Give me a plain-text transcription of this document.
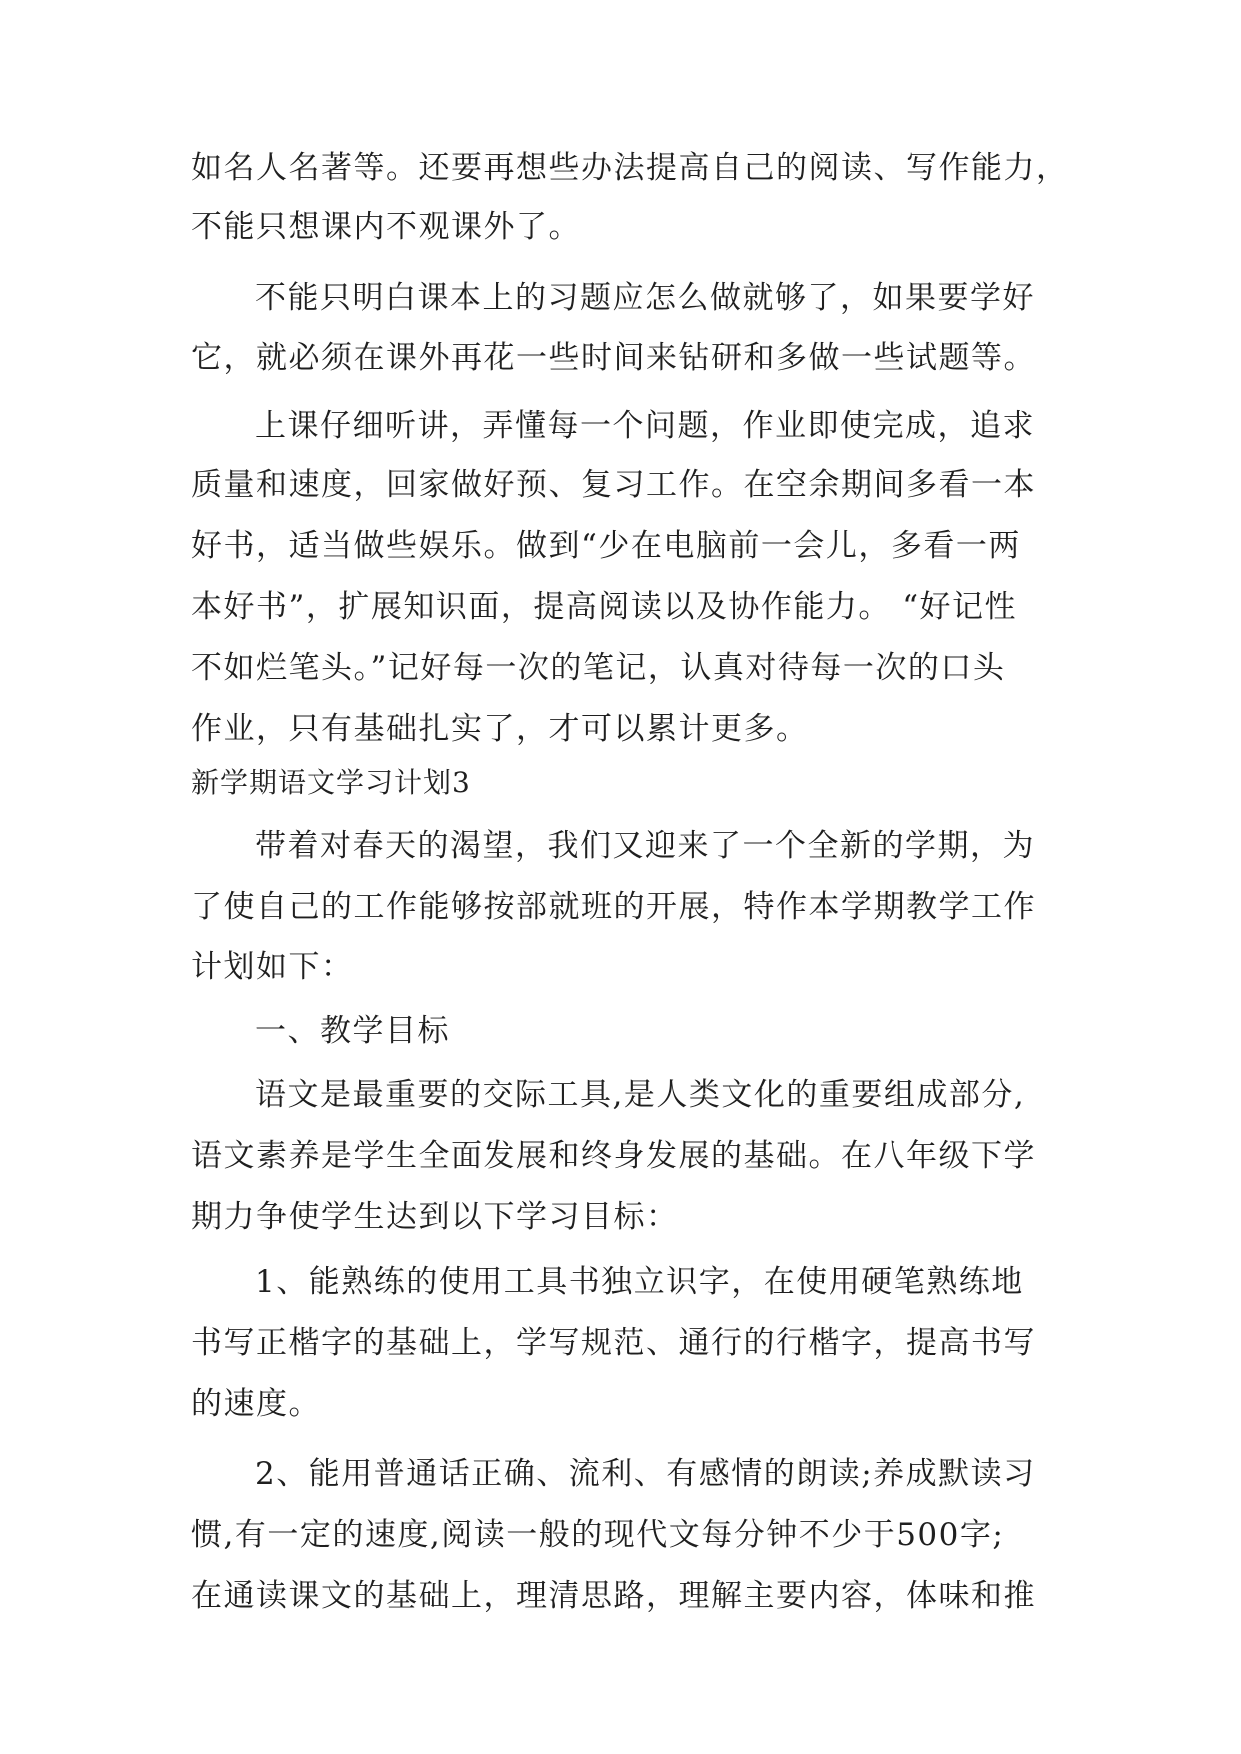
如名人名著等。还要再想些办法提高自己的阅读、写作能力，
不能只想课内不观课外了。
不能只明白课本上的习题应怎么做就够了，如果要学好
它，就必须在课外再花一些时间来钻研和多做一些试题等。
上课仔细听讲，弄懂每一个问题，作业即使完成，追求
质量和速度，回家做好预、复习工作。在空余期间多看一本
好书，适当做些娱乐。做到“少在电脑前一会儿，多看一两
本好书”，扩展知识面，提高阅读以及协作能力。 “好记性
不如烂笔头。”记好每一次的笔记，认真对待每一次的口头
作业，只有基础扎实了，才可以累计更多。
新学期语文学习计划3
带着对春天的渴望，我们又迎来了一个全新的学期，为
了使自己的工作能够按部就班的开展，特作本学期教学工作
计划如下：
一、教学目标
语文是最重要的交际工具,是人类文化的重要组成部分,
语文素养是学生全面发展和终身发展的基础。在八年级下学
期力争使学生达到以下学习目标：
1、能熟练的使用工具书独立识字，在使用硬笔熟练地
书写正楷字的基础上，学写规范、通行的行楷字，提高书写
的速度。
2、能用普通话正确、流利、有感情的朗读;养成默读习
惯,有一定的速度,阅读一般的现代文每分钟不少于500字;
在通读课文的基础上，理清思路，理解主要内容，体味和推
